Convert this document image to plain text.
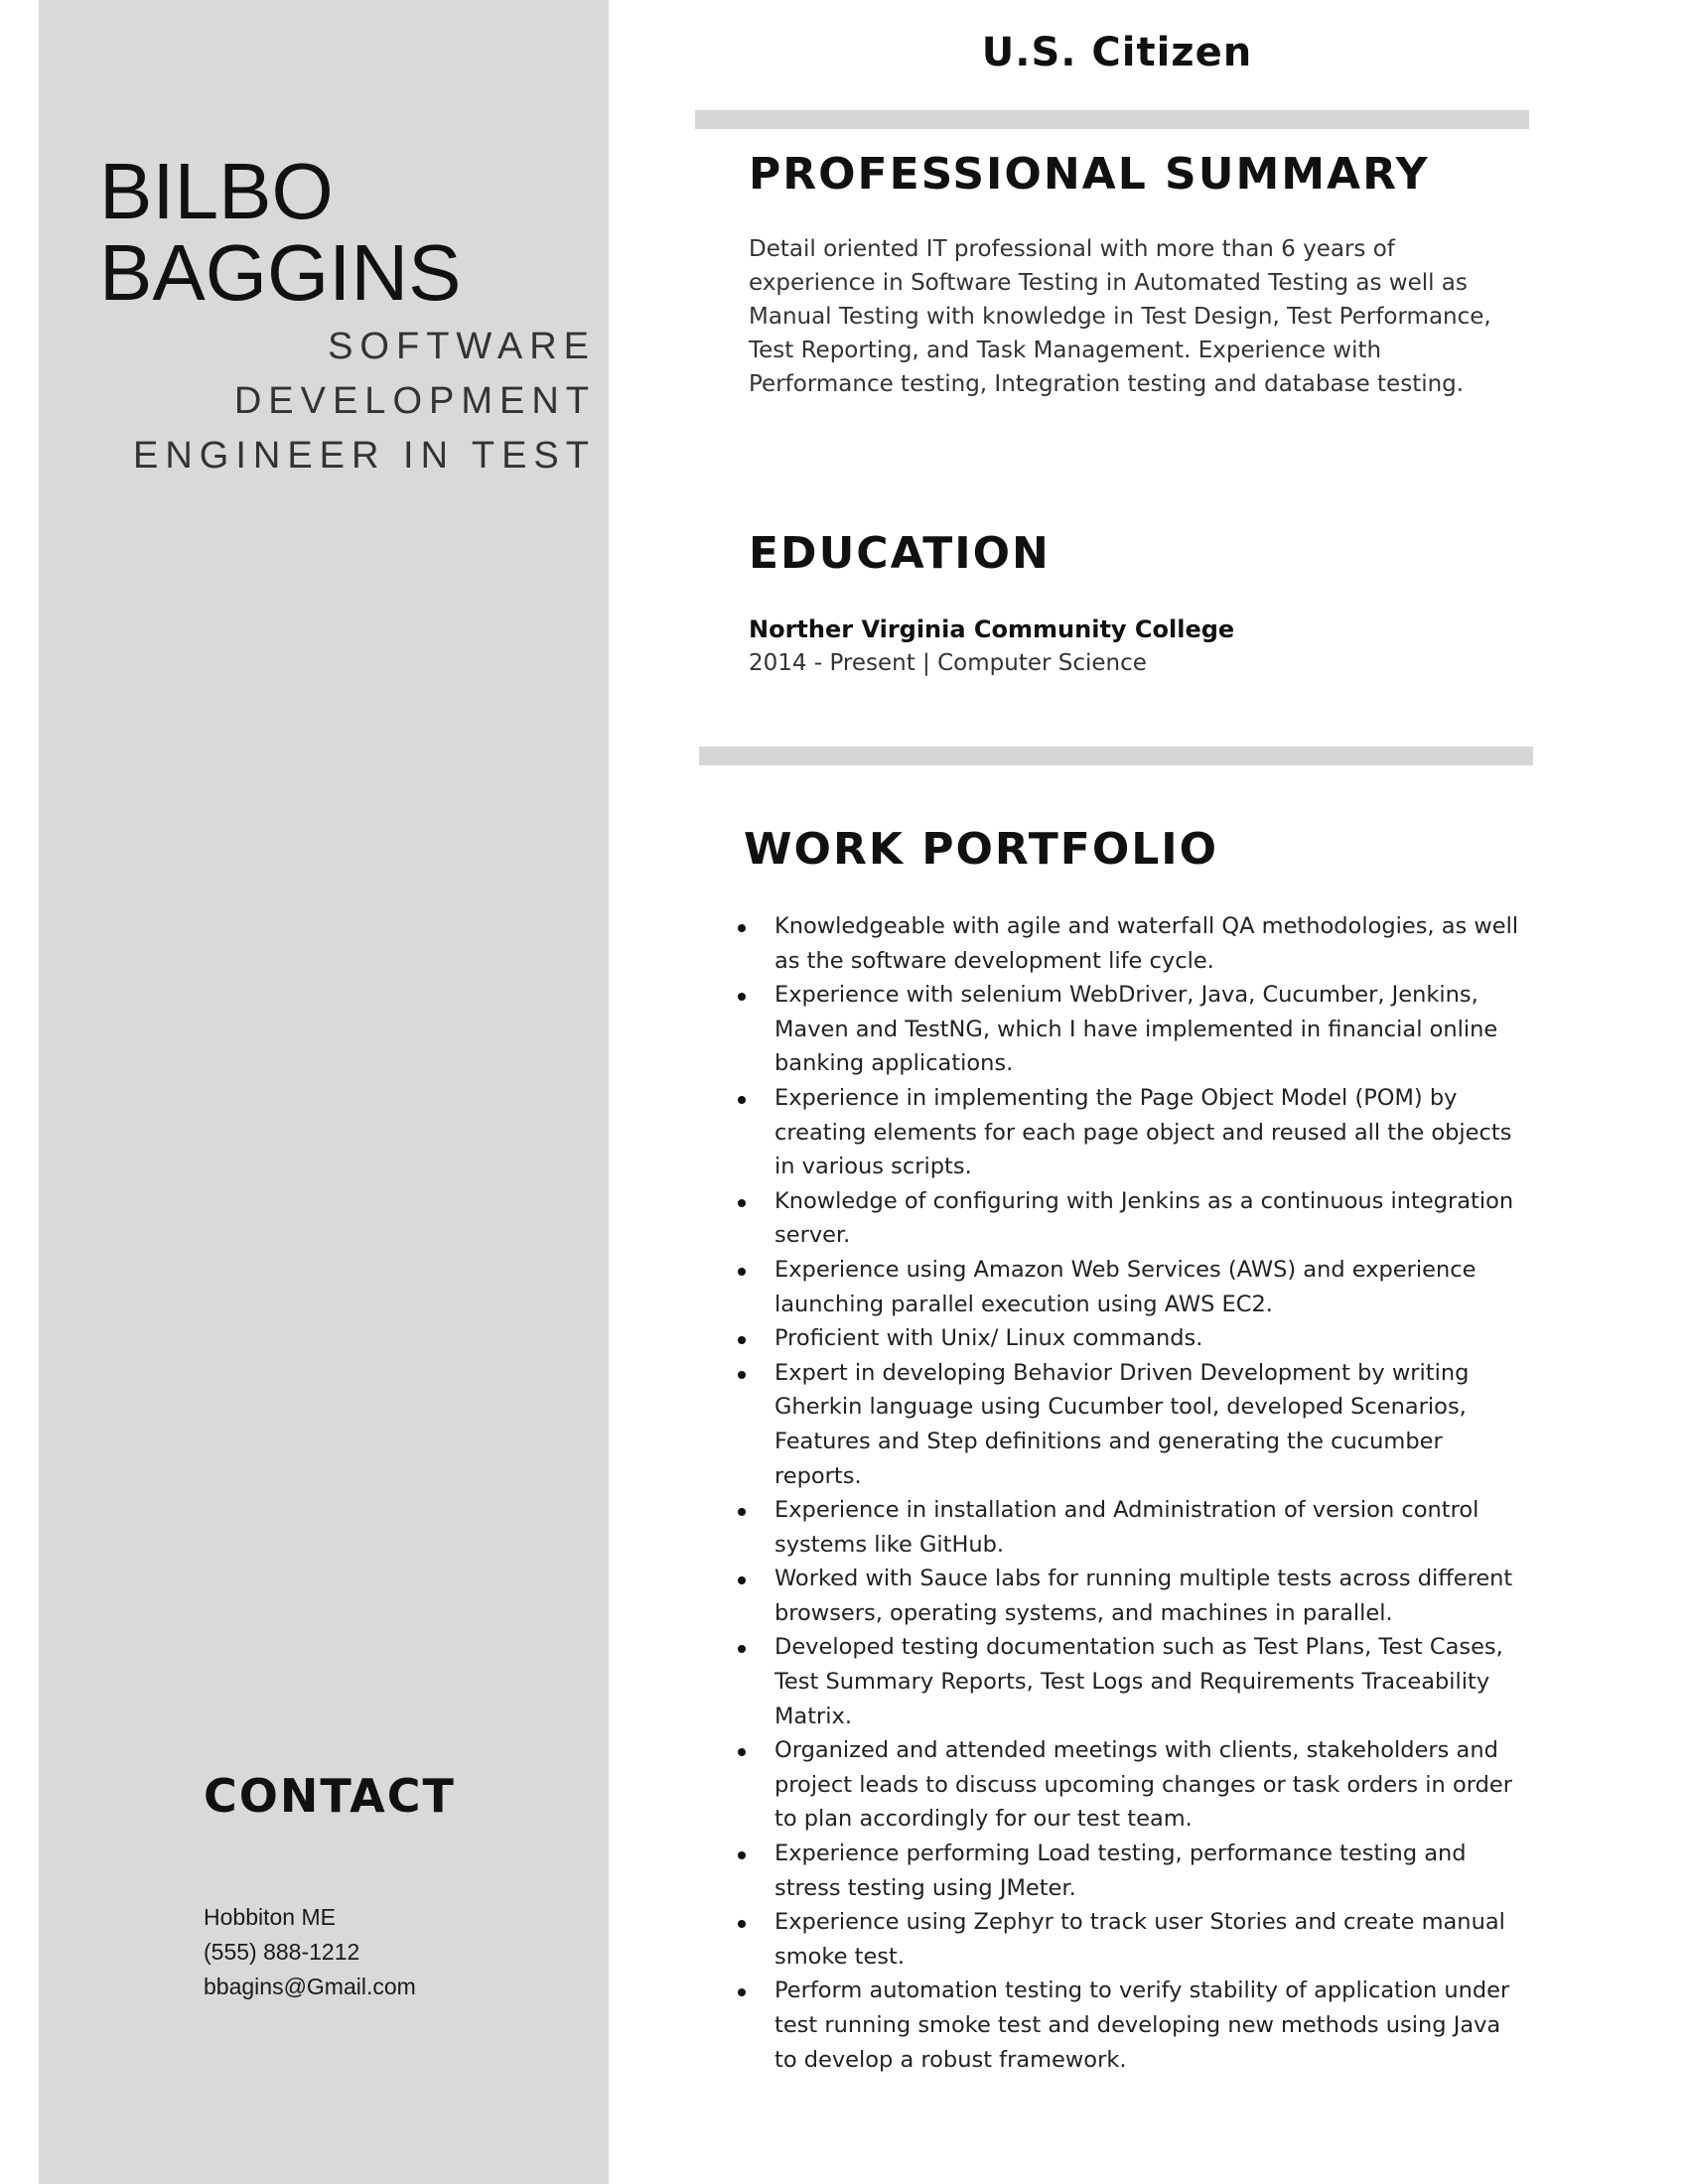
BILBO
BAGGINS
SOFTWARE
DEVELOPMENT
ENGINEER IN TEST
CONTACT
Hobbiton ME
(555) 888-1212
bbagins@Gmail.com
U.S. Citizen
PROFESSIONAL SUMMARY

Detail oriented IT professional with more than 6 years of experience in Software Testing in Automated Testing as well as Manual Testing with knowledge in Test Design, Test Performance, Test Reporting, and Task Management. Experience with Performance testing, Integration testing and database testing.

EDUCATION
Norther Virginia Community College
2014 - Present | Computer Science
WORK PORTFOLIO
Knowledgeable with agile and waterfall QA methodologies, as well as the software development life cycle.
Experience with selenium WebDriver, Java, Cucumber, Jenkins, Maven and TestNG, which I have implemented in financial online banking applications.
Experience in implementing the Page Object Model (POM) by creating elements for each page object and reused all the objects in various scripts.
Knowledge of configuring with Jenkins as a continuous integration server.
Experience using Amazon Web Services (AWS) and experience launching parallel execution using AWS EC2.
Proficient with Unix/ Linux commands.
Expert in developing Behavior Driven Development by writing Gherkin language using Cucumber tool, developed Scenarios, Features and Step definitions and generating the cucumber reports.
Experience in installation and Administration of version control systems like GitHub.
Worked with Sauce labs for running multiple tests across different browsers, operating systems, and machines in parallel.
Developed testing documentation such as Test Plans, Test Cases, Test Summary Reports, Test Logs and Requirements Traceability Matrix.
Organized and attended meetings with clients, stakeholders and project leads to discuss upcoming changes or task orders in order to plan accordingly for our test team.
Experience performing Load testing, performance testing and stress testing using JMeter.
Experience using Zephyr to track user Stories and create manual smoke test.
Perform automation testing to verify stability of application under test running smoke test and developing new methods using Java to develop a robust framework.
